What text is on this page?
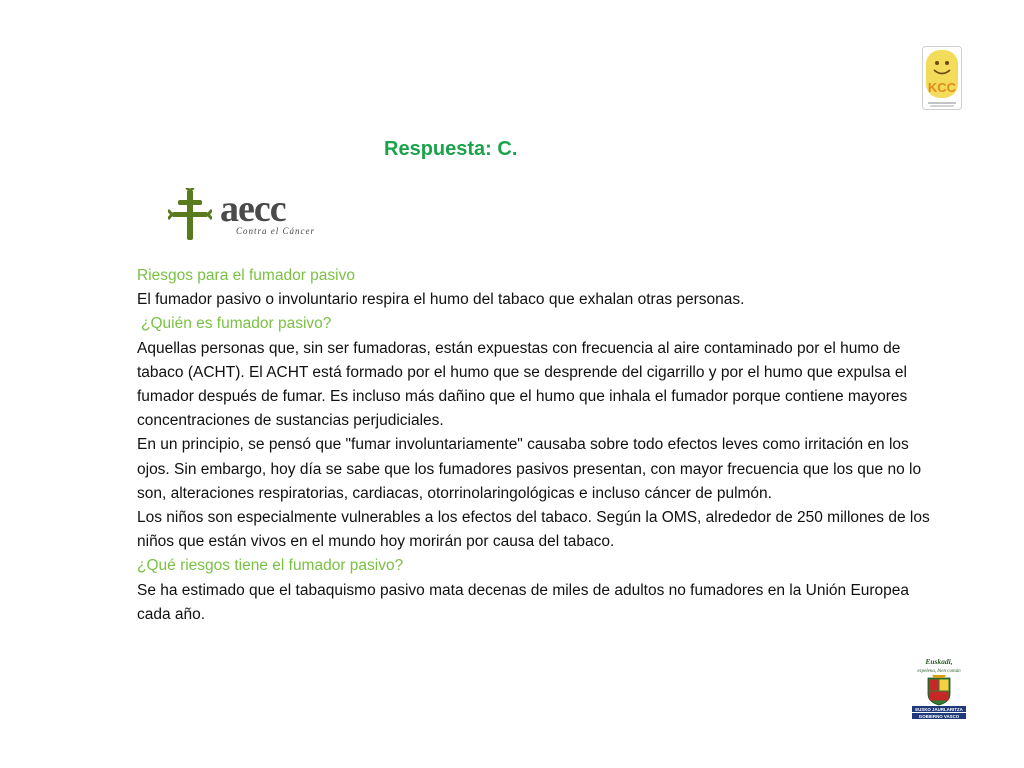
KCC
Respuesta: C.
aecc
Contra el Cáncer

Riesgos para el fumador pasivo

El fumador pasivo o involuntario respira el humo del tabaco que exhalan otras personas.

¿Quién es fumador pasivo?

Aquellas personas que, sin ser fumadoras, están expuestas con frecuencia al aire contaminado por el humo de tabaco (ACHT). El ACHT está formado por el humo que se desprende del cigarrillo y por el humo que expulsa el fumador después de fumar. Es incluso más dañino que el humo que inhala el fumador porque contiene mayores concentraciones de sustancias perjudiciales.

En un principio, se pensó que "fumar involuntariamente" causaba sobre todo efectos leves como irritación en los ojos. Sin embargo, hoy día se sabe que los fumadores pasivos presentan, con mayor frecuencia que los que no lo son, alteraciones respiratorias, cardiacas, otorrinolaringológicas e incluso cáncer de pulmón.

Los niños son especialmente vulnerables a los efectos del tabaco. Según la OMS, alrededor de 250 millones de los niños que están vivos en el mundo hoy morirán por causa del tabaco.

¿Qué riesgos tiene el fumador pasivo?

Se ha estimado que el tabaquismo pasivo mata decenas de miles de adultos no fumadores en la Unión Europea cada año.

Euskadi,
ezpelena, bien común
EUSKO JAURLARITZA
GOBIERNO VASCO
